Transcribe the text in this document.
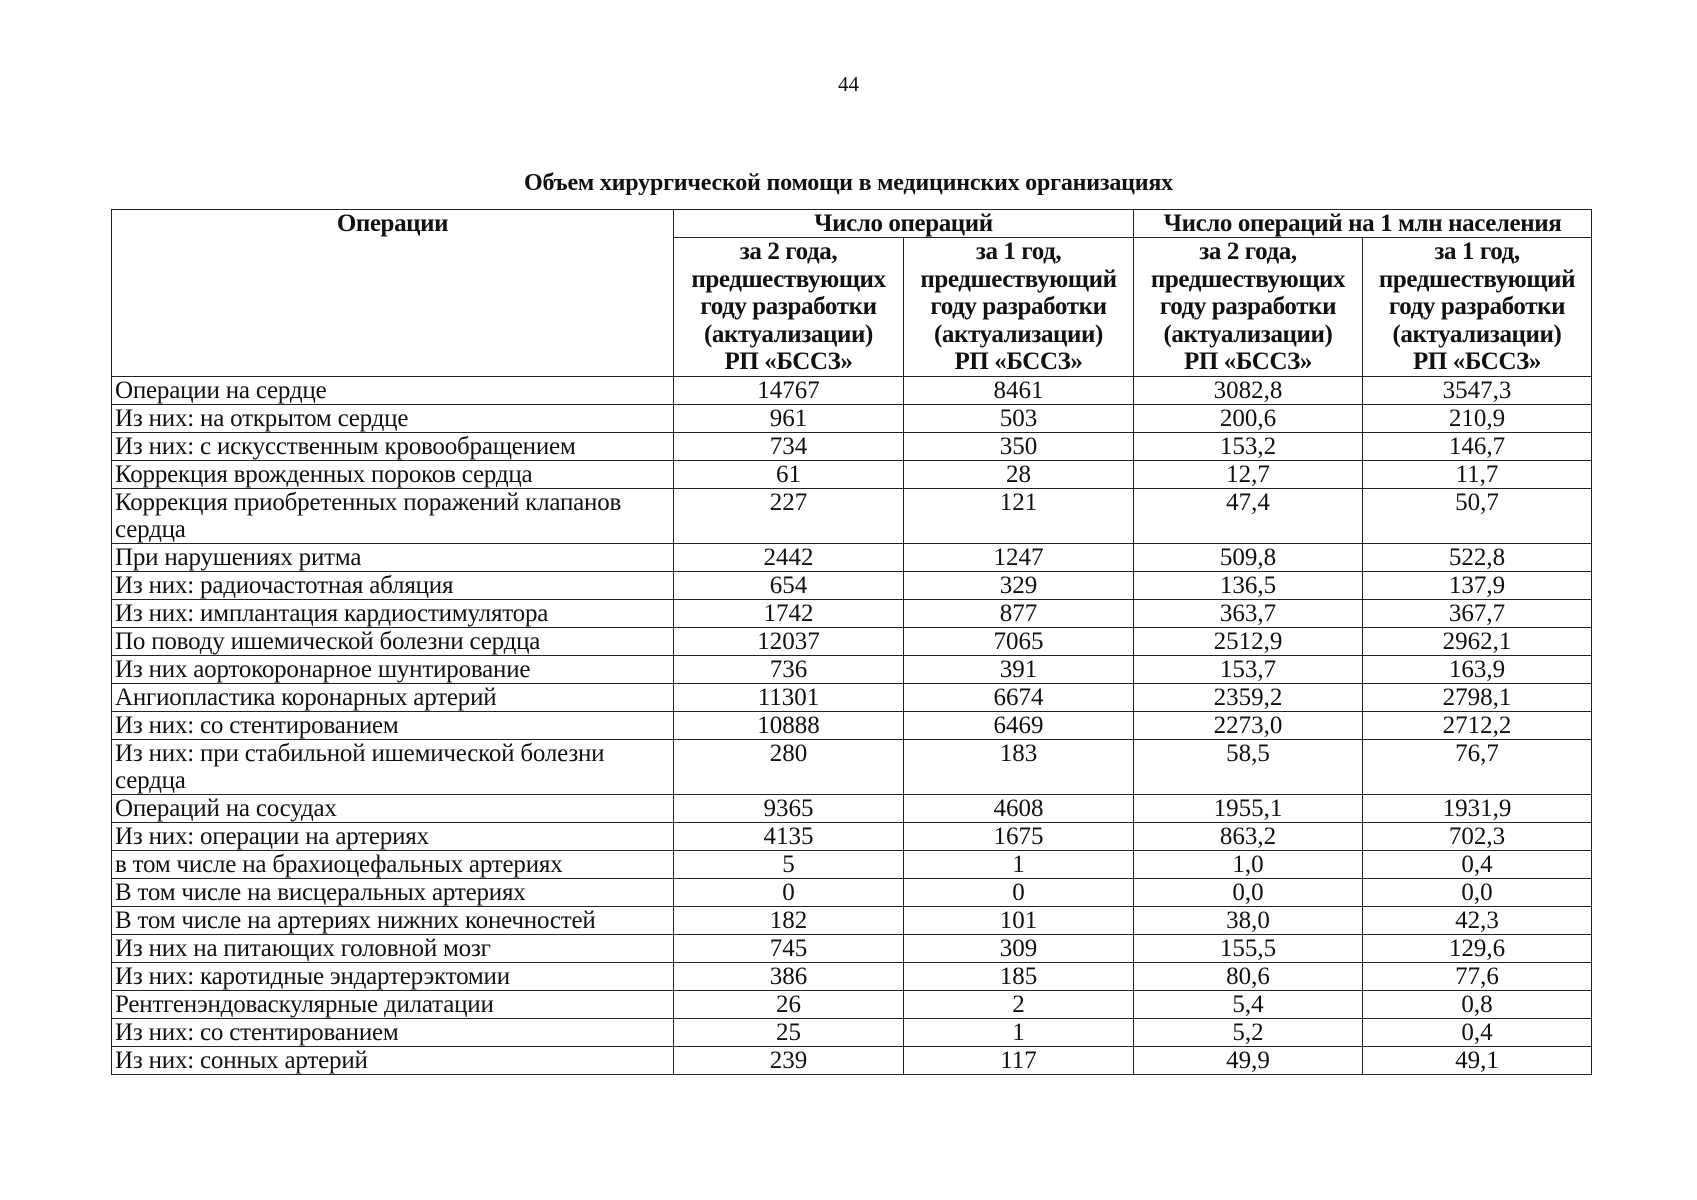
44
Объем хирургической помощи в медицинских организациях
Операции	Число операций		Число операций на 1 млн населения	
	за 2 года,
предшествующих
году разработки
(актуализации)
РП «БССЗ»	за 1 год,
предшествующий
году разработки
(актуализации)
РП «БССЗ»	за 2 года,
предшествующих
году разработки
(актуализации)
РП «БССЗ»	за 1 год,
предшествующий
году разработки
(актуализации)
РП «БССЗ»
Операции на сердце	14767	8461	3082,8	3547,3
Из них: на открытом сердце	961	503	200,6	210,9
Из них: с искусственным кровообращением	734	350	153,2	146,7
Коррекция врожденных пороков сердца	61	28	12,7	11,7
Коррекция приобретенных поражений клапанов сердца	227	121	47,4	50,7
При нарушениях ритма	2442	1247	509,8	522,8
Из них: радиочастотная абляция	654	329	136,5	137,9
Из них: имплантация кардиостимулятора	1742	877	363,7	367,7
По поводу ишемической болезни сердца	12037	7065	2512,9	2962,1
Из них аортокоронарное шунтирование	736	391	153,7	163,9
Ангиопластика коронарных артерий	11301	6674	2359,2	2798,1
Из них: со стентированием	10888	6469	2273,0	2712,2
Из них: при стабильной ишемической болезни сердца	280	183	58,5	76,7
Операций на сосудах	9365	4608	1955,1	1931,9
Из них: операции на артериях	4135	1675	863,2	702,3
в том числе на брахиоцефальных артериях	5	1	1,0	0,4
В том числе на висцеральных артериях	0	0	0,0	0,0
В том числе на артериях нижних конечностей	182	101	38,0	42,3
Из них на питающих головной мозг	745	309	155,5	129,6
Из них: каротидные эндартерэктомии	386	185	80,6	77,6
Рентгенэндоваскулярные дилатации	26	2	5,4	0,8
Из них: со стентированием	25	1	5,2	0,4
Из них: сонных артерий	239	117	49,9	49,1
